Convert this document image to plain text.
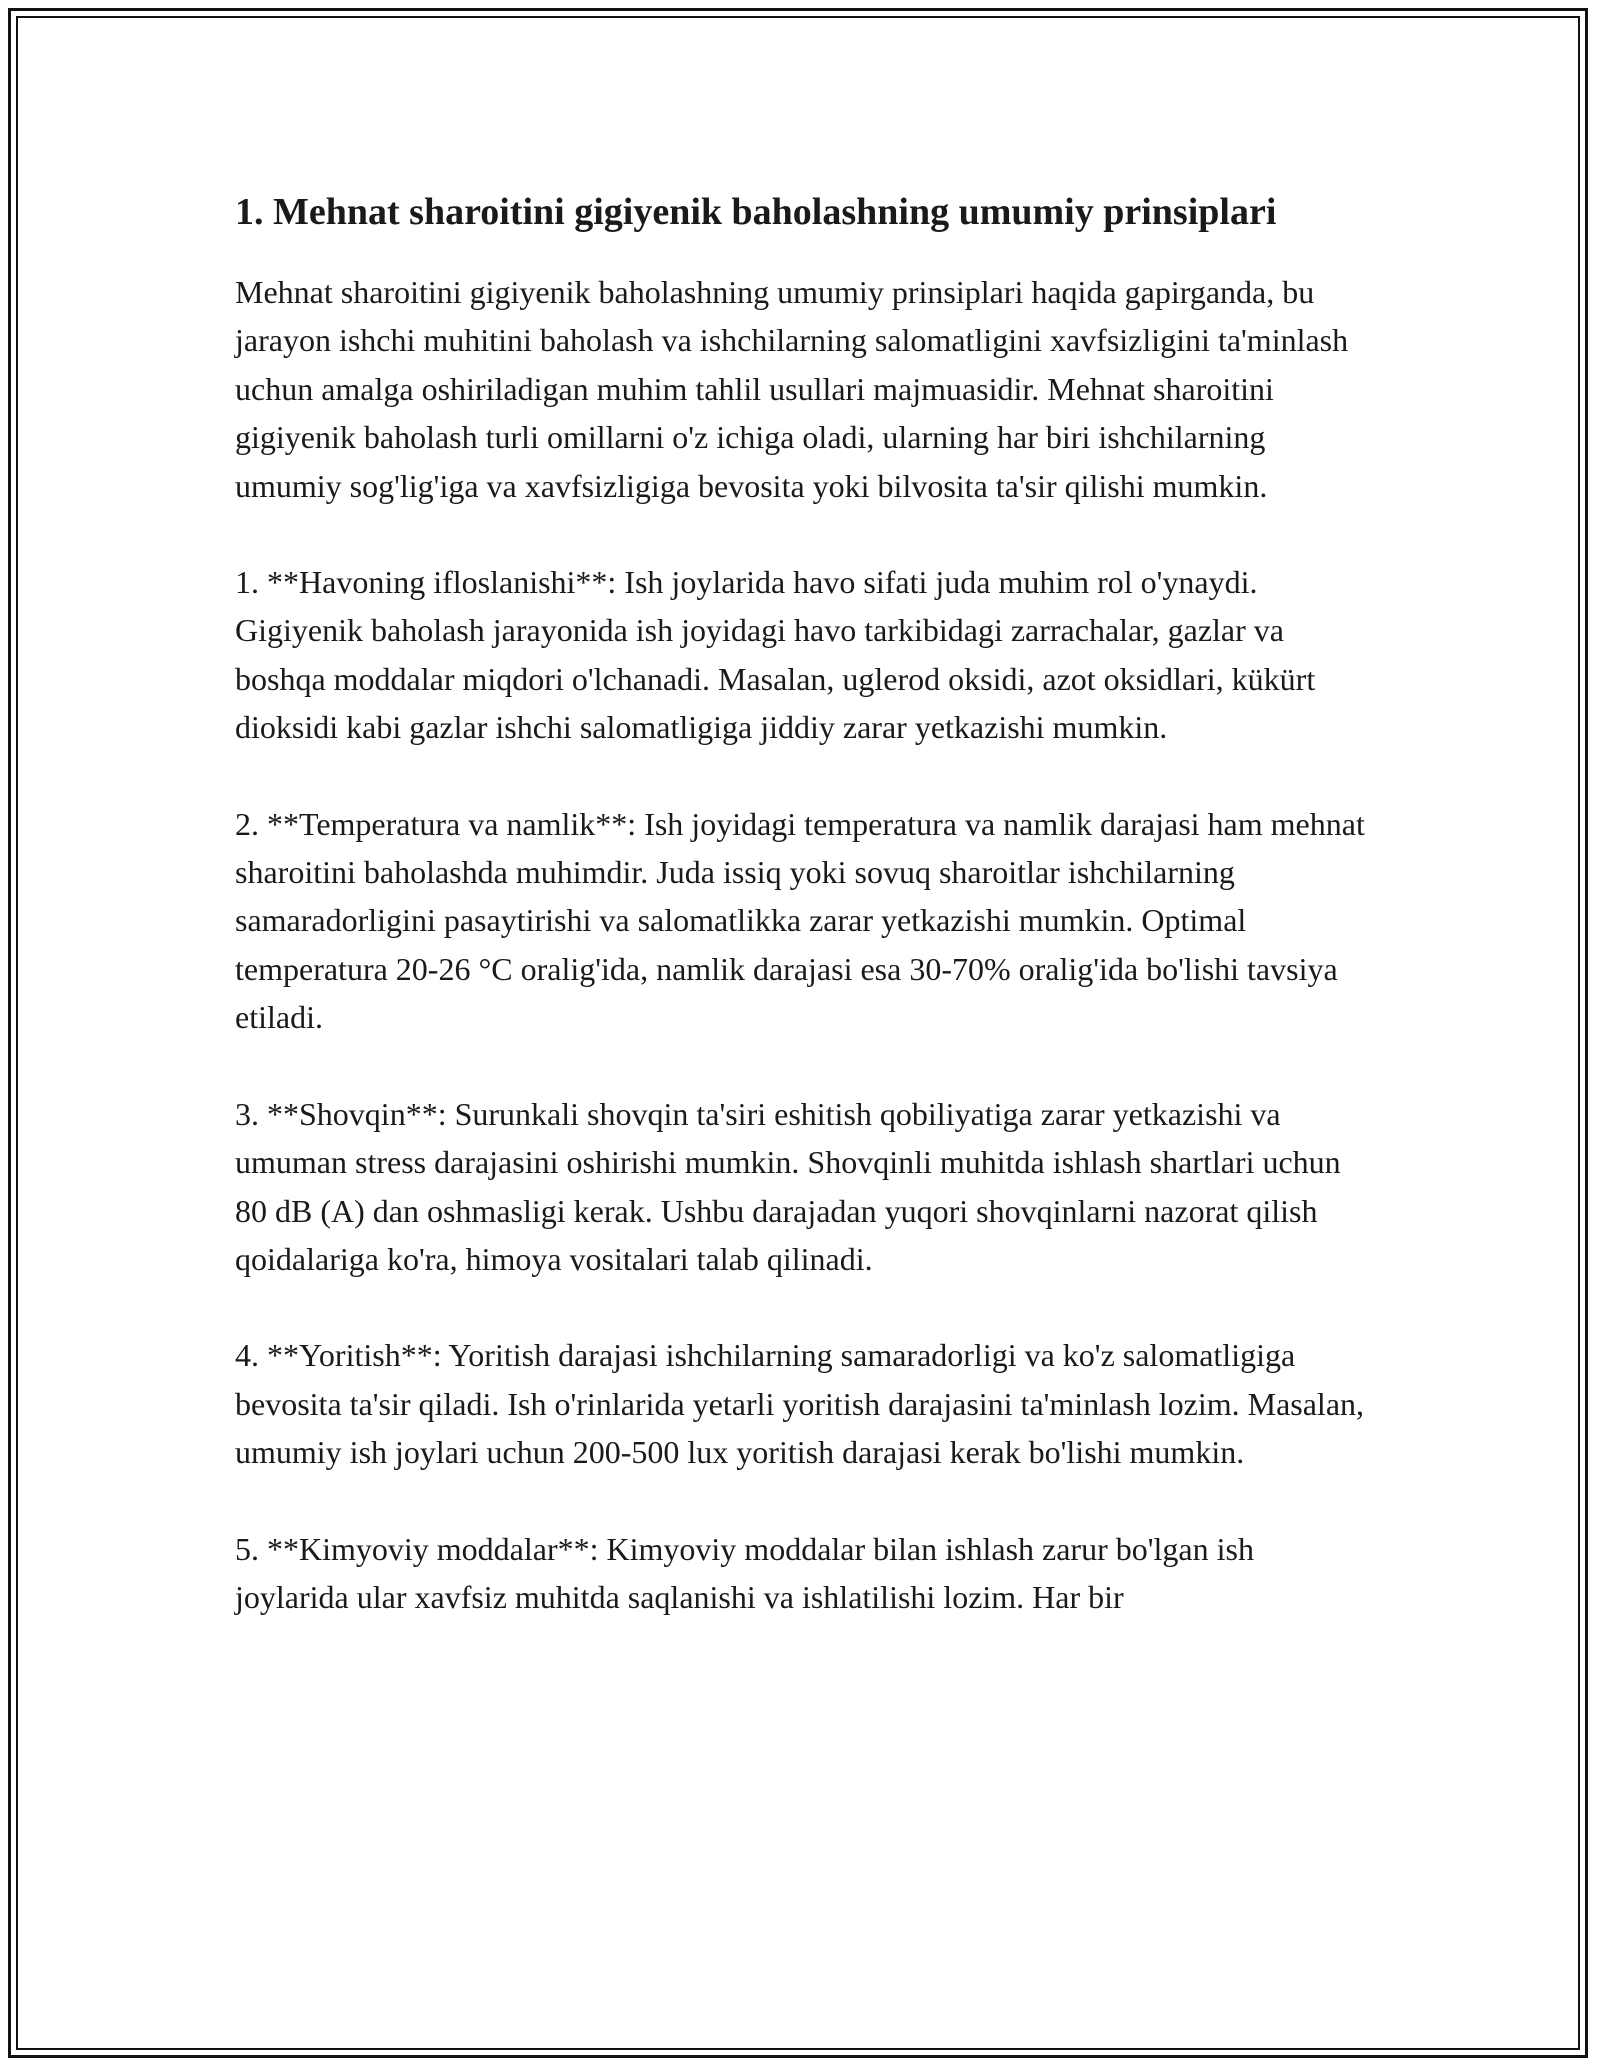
1. Mehnat sharoitini gigiyenik baholashning umumiy prinsiplari

Mehnat sharoitini gigiyenik baholashning umumiy prinsiplari haqida gapirganda, bu jarayon ishchi muhitini baholash va ishchilarning salomatligini xavfsizligini ta'minlash uchun amalga oshiriladigan muhim tahlil usullari majmuasidir. Mehnat sharoitini gigiyenik baholash turli omillarni o'z ichiga oladi, ularning har biri ishchilarning umumiy sog'lig'iga va xavfsizligiga bevosita yoki bilvosita ta'sir qilishi mumkin.

1. **Havoning ifloslanishi**: Ish joylarida havo sifati juda muhim rol o'ynaydi. Gigiyenik baholash jarayonida ish joyidagi havo tarkibidagi zarrachalar, gazlar va boshqa moddalar miqdori o'lchanadi. Masalan, uglerod oksidi, azot oksidlari, kükürt dioksidi kabi gazlar ishchi salomatligiga jiddiy zarar yetkazishi mumkin.

2. **Temperatura va namlik**: Ish joyidagi temperatura va namlik darajasi ham mehnat sharoitini baholashda muhimdir. Juda issiq yoki sovuq sharoitlar ishchilarning samaradorligini pasaytirishi va salomatlikka zarar yetkazishi mumkin. Optimal temperatura 20-26 °C oralig'ida, namlik darajasi esa 30-70% oralig'ida bo'lishi tavsiya etiladi.

3. **Shovqin**: Surunkali shovqin ta'siri eshitish qobiliyatiga zarar yetkazishi va umuman stress darajasini oshirishi mumkin. Shovqinli muhitda ishlash shartlari uchun 80 dB (A) dan oshmasligi kerak. Ushbu darajadan yuqori shovqinlarni nazorat qilish qoidalariga ko'ra, himoya vositalari talab qilinadi.

4. **Yoritish**: Yoritish darajasi ishchilarning samaradorligi va ko'z salomatligiga bevosita ta'sir qiladi. Ish o'rinlarida yetarli yoritish darajasini ta'minlash lozim. Masalan, umumiy ish joylari uchun 200-500 lux yoritish darajasi kerak bo'lishi mumkin.

5. **Kimyoviy moddalar**: Kimyoviy moddalar bilan ishlash zarur bo'lgan ish joylarida ular xavfsiz muhitda saqlanishi va ishlatilishi lozim. Har bir
